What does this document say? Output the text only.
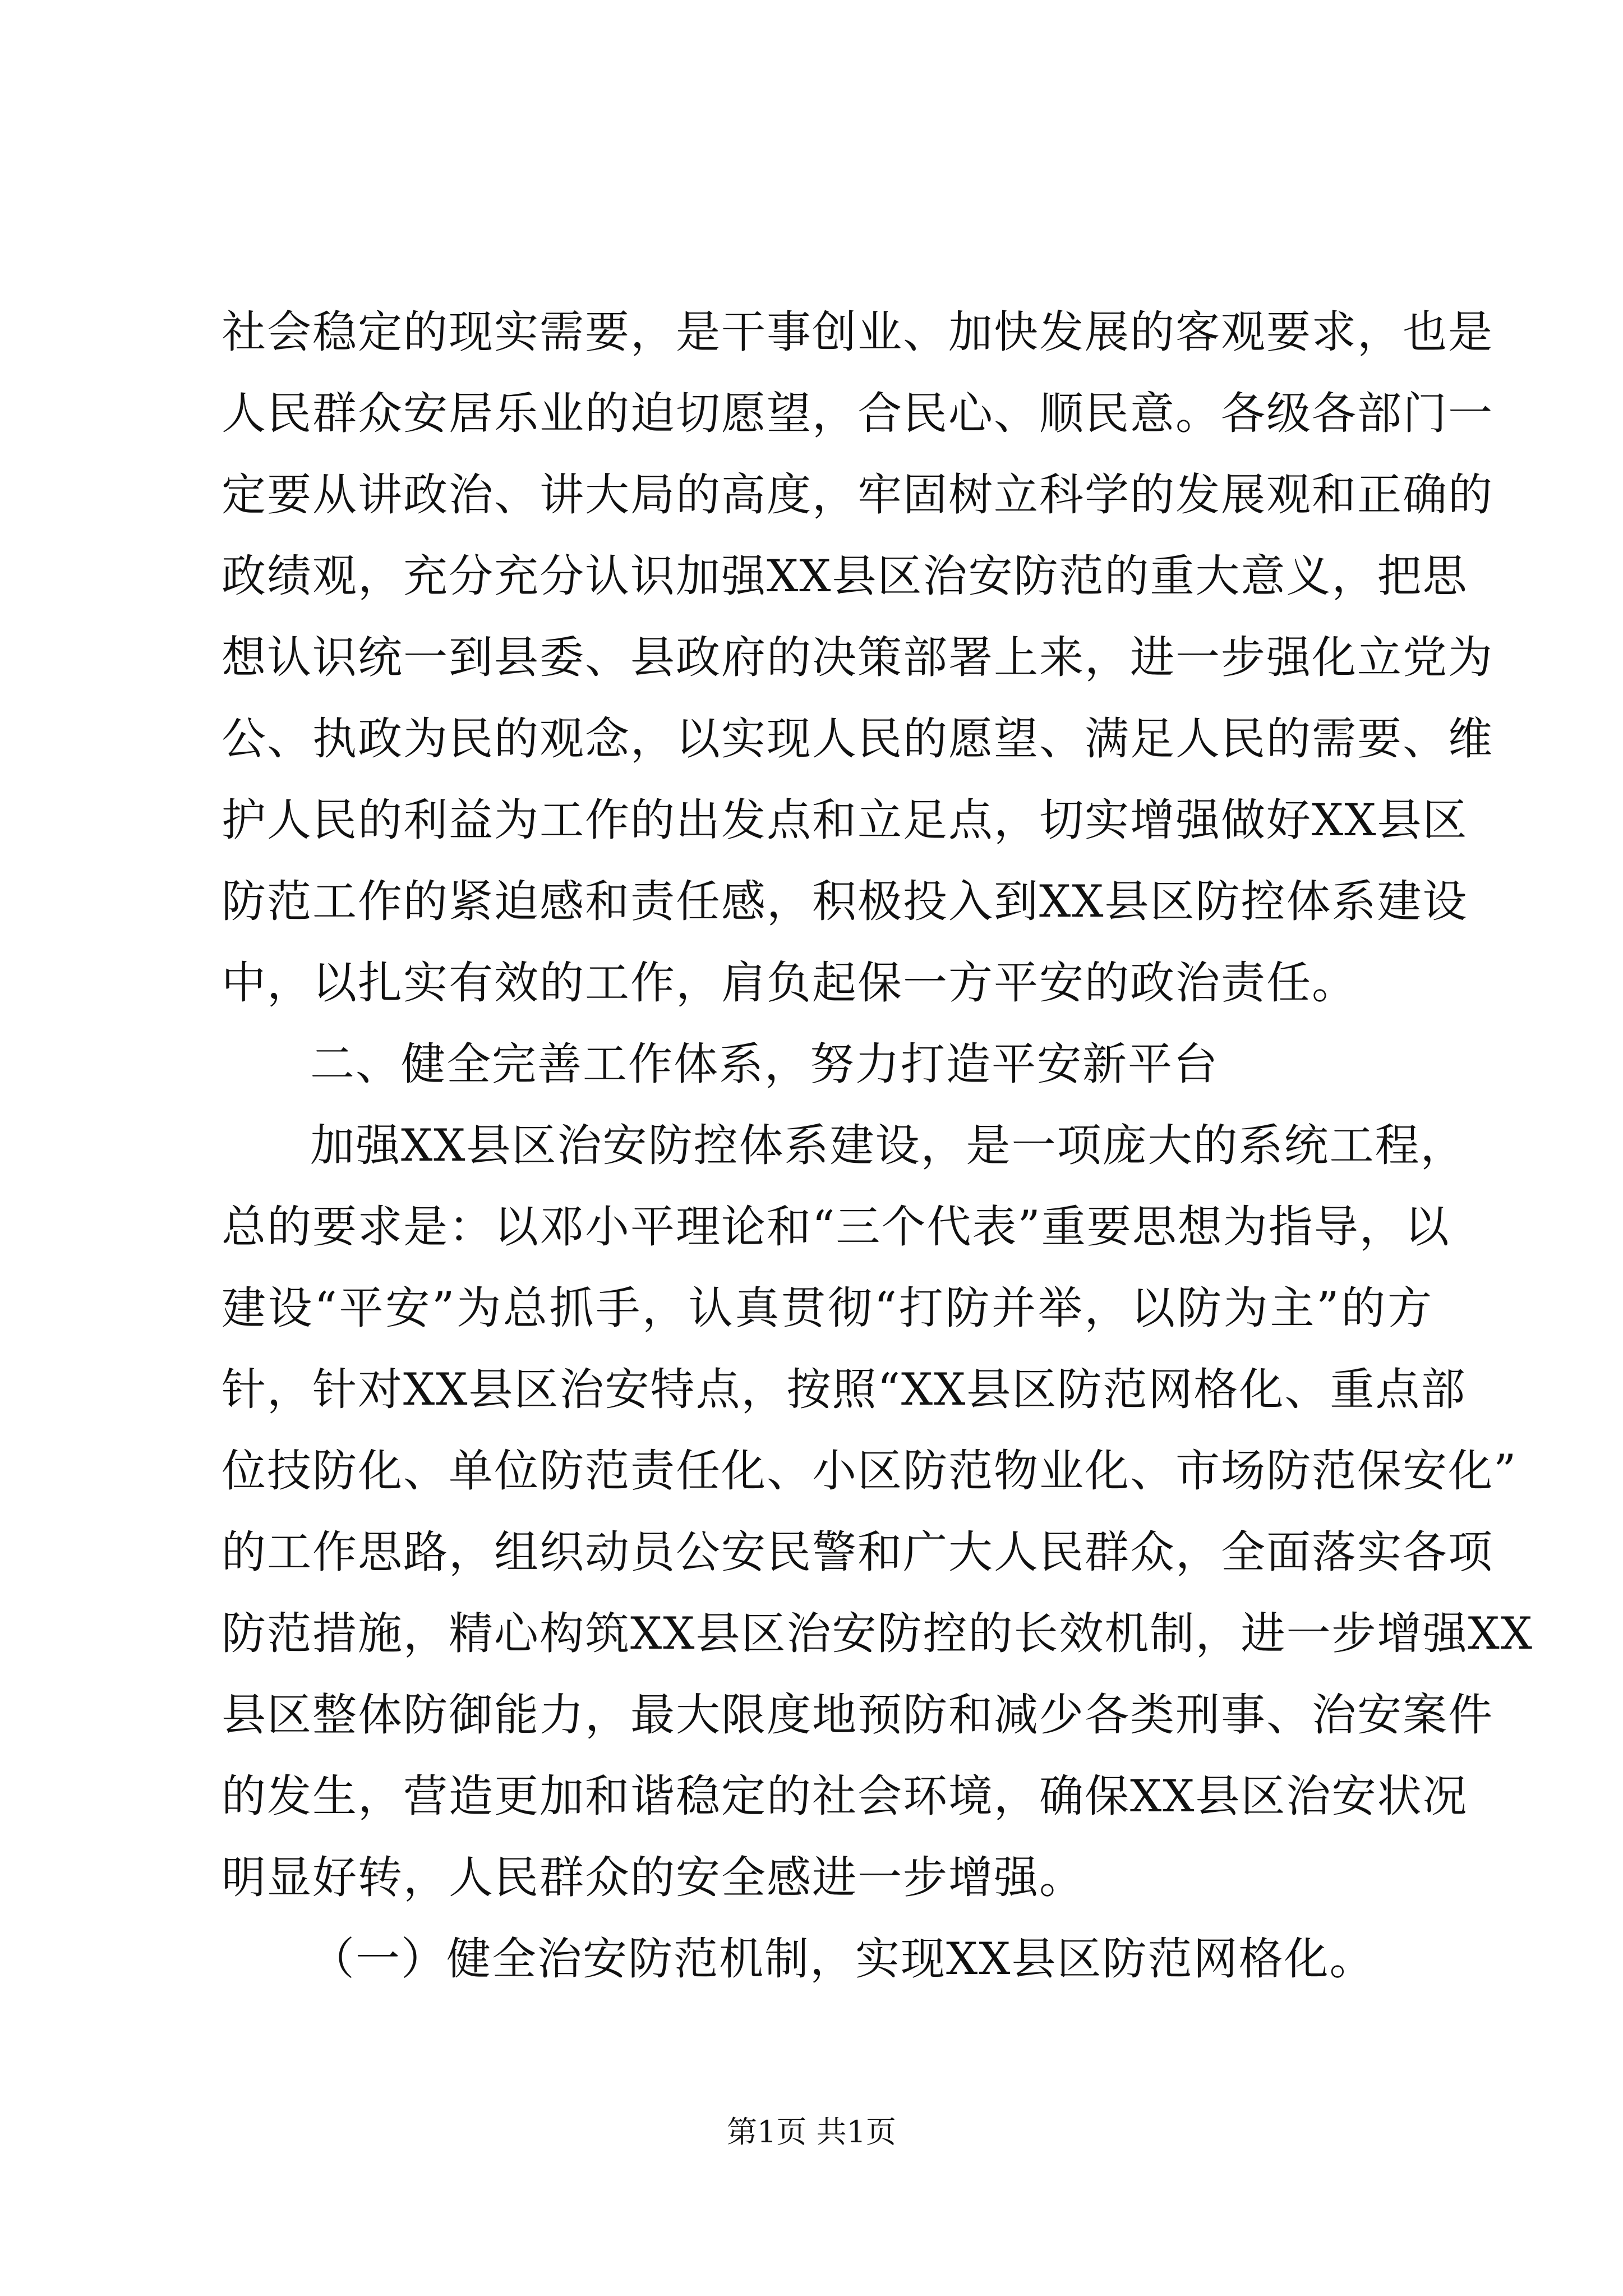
社会稳定的现实需要，是干事创业、加快发展的客观要求，也是
人民群众安居乐业的迫切愿望，合民心、顺民意。各级各部门一
定要从讲政治、讲大局的高度，牢固树立科学的发展观和正确的
政绩观，充分充分认识加强XX县区治安防范的重大意义，把思
想认识统一到县委、县政府的决策部署上来，进一步强化立党为
公、执政为民的观念，以实现人民的愿望、满足人民的需要、维
护人民的利益为工作的出发点和立足点，切实增强做好XX县区
防范工作的紧迫感和责任感，积极投入到XX县区防控体系建设
中，以扎实有效的工作，肩负起保一方平安的政治责任。
二、健全完善工作体系，努力打造平安新平台
加强XX县区治安防控体系建设，是一项庞大的系统工程，
总的要求是：以邓小平理论和“三个代表”重要思想为指导，以
建设“平安”为总抓手，认真贯彻“打防并举，以防为主”的方
针，针对XX县区治安特点，按照“XX县区防范网格化、重点部
位技防化、单位防范责任化、小区防范物业化、市场防范保安化”
的工作思路，组织动员公安民警和广大人民群众，全面落实各项
防范措施，精心构筑XX县区治安防控的长效机制，进一步增强XX
县区整体防御能力，最大限度地预防和减少各类刑事、治安案件
的发生，营造更加和谐稳定的社会环境，确保XX县区治安状况
明显好转，人民群众的安全感进一步增强。
（一）健全治安防范机制，实现XX县区防范网格化。
第1页 共1页
